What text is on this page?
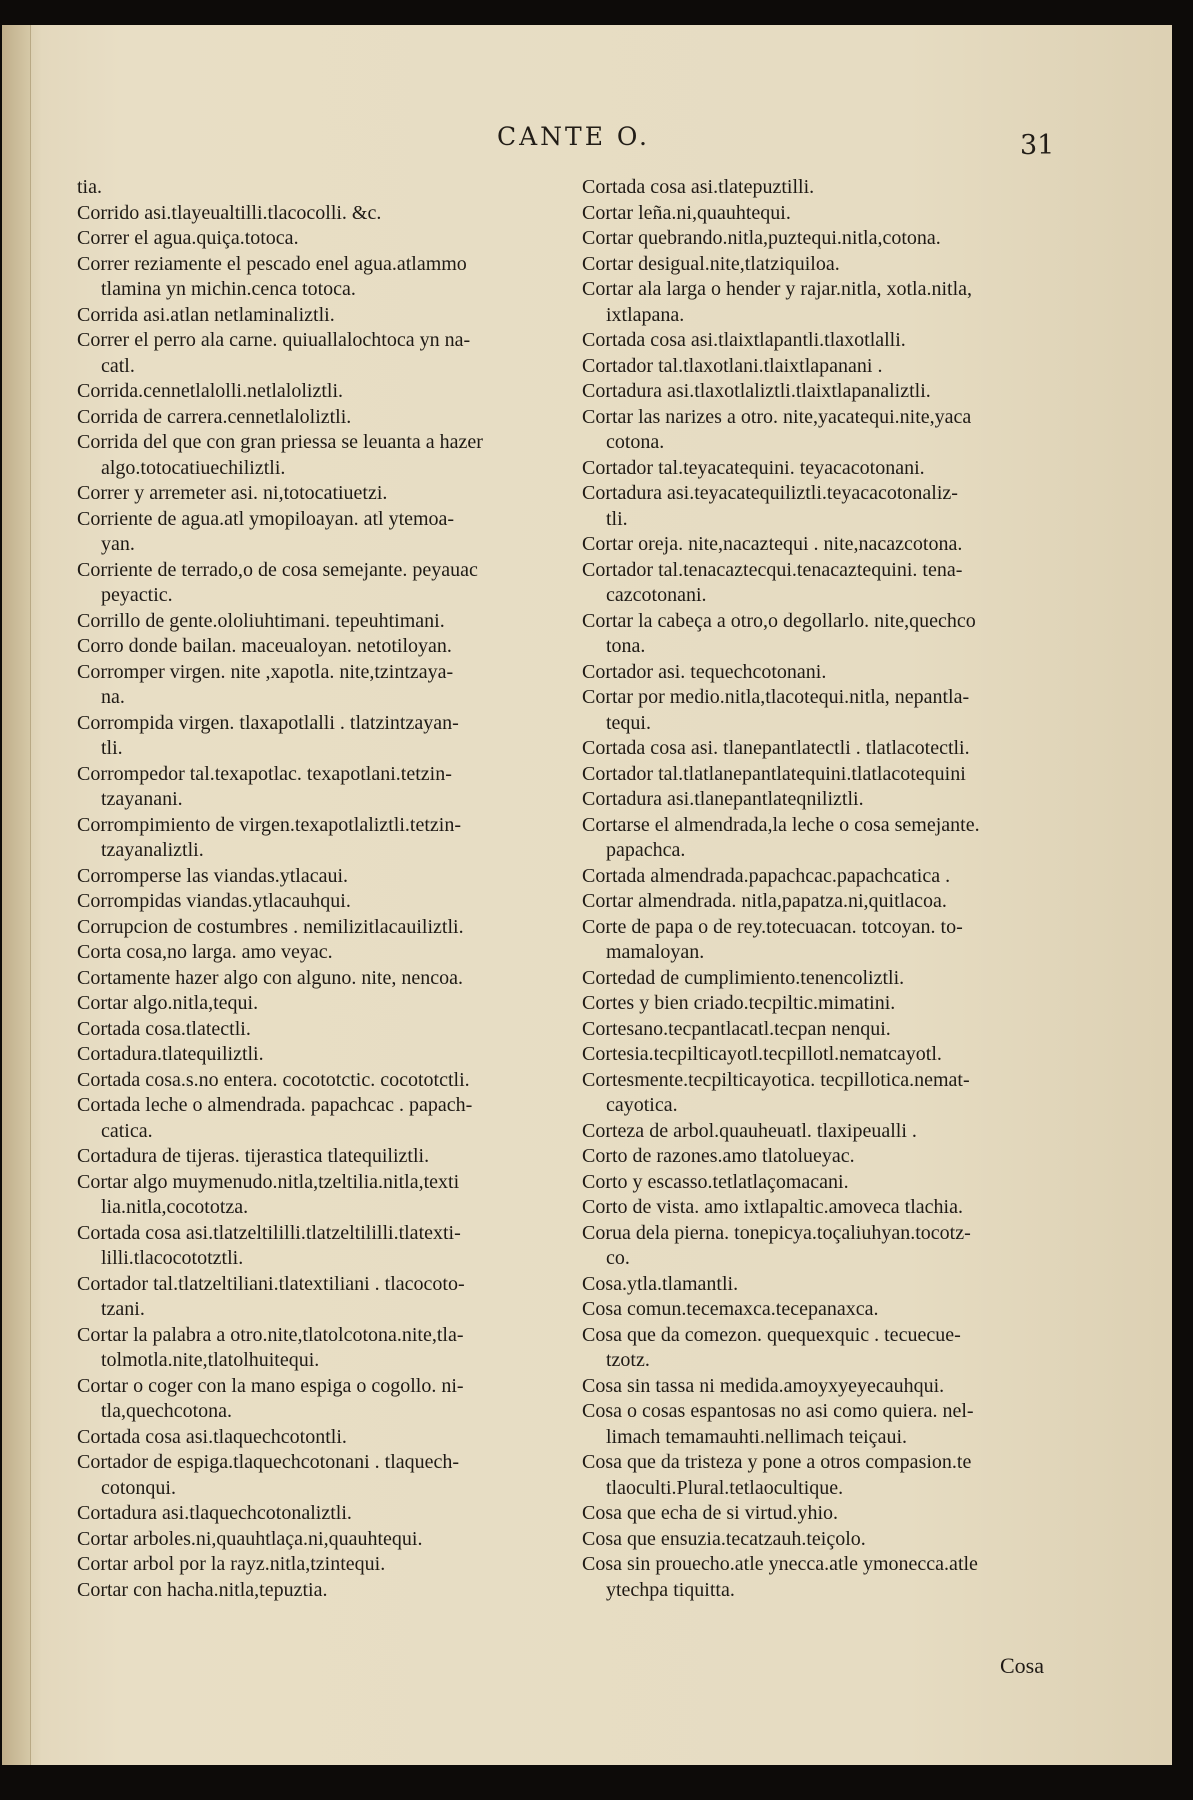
CANTE O.	31

tia.

Corrido asi.tlayeualtilli.tlacocolli. &c.

Correr el agua.quiça.totoca.

Correr reziamente el pescado enel agua.atlammo
tlamina yn michin.cenca totoca.

Corrida asi.atlan netlaminaliztli.

Correr el perro ala carne. quiuallalochtoca yn na-
catl.

Corrida.cennetlalolli.netlaloliztli.

Corrida de carrera.cennetlaloliztli.

Corrida del que con gran priessa se leuanta a hazer
algo.totocatiuechiliztli.

Correr y arremeter asi. ni,totocatiuetzi.

Corriente de agua.atl ymopiloayan. atl ytemoa-
yan.

Corriente de terrado,o de cosa semejante. peyauac
peyactic.

Corrillo de gente.ololiuhtimani. tepeuhtimani.

Corro donde bailan. maceualoyan. netotiloyan.

Corromper virgen. nite ,xapotla. nite,tzintzaya-
na.

Corrompida virgen. tlaxapotlalli . tlatzintzayan-
tli.

Corrompedor tal.texapotlac. texapotlani.tetzin-
tzayanani.

Corrompimiento de virgen.texapotlaliztli.tetzin-
tzayanaliztli.

Corromperse las viandas.ytlacaui.

Corrompidas viandas.ytlacauhqui.

Corrupcion de costumbres . nemilizitlacauiliztli.

Corta cosa,no larga. amo veyac.

Cortamente hazer algo con alguno. nite, nencoa.

Cortar algo.nitla,tequi.

Cortada cosa.tlatectli.

Cortadura.tlatequiliztli.

Cortada cosa.s.no entera. cocototctic. cocototctli.

Cortada leche o almendrada. papachcac . papach-
catica.

Cortadura de tijeras. tijerastica tlatequiliztli.

Cortar algo muymenudo.nitla,tzeltilia.nitla,texti
lia.nitla,cocototza.

Cortada cosa asi.tlatzeltililli.tlatzeltililli.tlatexti-
lilli.tlacocototztli.

Cortador tal.tlatzeltiliani.tlatextiliani . tlacocoto-
tzani.

Cortar la palabra a otro.nite,tlatolcotona.nite,tla-
tolmotla.nite,tlatolhuitequi.

Cortar o coger con la mano espiga o cogollo. ni-
tla,quechcotona.

Cortada cosa asi.tlaquechcotontli.

Cortador de espiga.tlaquechcotonani . tlaquech-
cotonqui.

Cortadura asi.tlaquechcotonaliztli.

Cortar arboles.ni,quauhtlaça.ni,quauhtequi.

Cortar arbol por la rayz.nitla,tzintequi.

Cortar con hacha.nitla,tepuztia.

Cortada cosa asi.tlatepuztilli.

Cortar leña.ni,quauhtequi.

Cortar quebrando.nitla,puztequi.nitla,cotona.

Cortar desigual.nite,tlatziquiloa.

Cortar ala larga o hender y rajar.nitla, xotla.nitla,
ixtlapana.

Cortada cosa asi.tlaixtlapantli.tlaxotlalli.

Cortador tal.tlaxotlani.tlaixtlapanani .

Cortadura asi.tlaxotlaliztli.tlaixtlapanaliztli.

Cortar las narizes a otro. nite,yacatequi.nite,yaca
cotona.

Cortador tal.teyacatequini. teyacacotonani.

Cortadura asi.teyacatequiliztli.teyacacotonaliz-
tli.

Cortar oreja. nite,nacaztequi . nite,nacazcotona.

Cortador tal.tenacaztecqui.tenacaztequini. tena-
cazcotonani.

Cortar la cabeça a otro,o degollarlo. nite,quechco
tona.

Cortador asi. tequechcotonani.

Cortar por medio.nitla,tlacotequi.nitla, nepantla-
tequi.

Cortada cosa asi. tlanepantlatectli . tlatlacotectli.

Cortador tal.tlatlanepantlatequini.tlatlacotequini

Cortadura asi.tlanepantlateqniliztli.

Cortarse el almendrada,la leche o cosa semejante.
papachca.

Cortada almendrada.papachcac.papachcatica .

Cortar almendrada. nitla,papatza.ni,quitlacoa.

Corte de papa o de rey.totecuacan. totcoyan. to-
mamaloyan.

Cortedad de cumplimiento.tenencoliztli.

Cortes y bien criado.tecpiltic.mimatini.

Cortesano.tecpantlacatl.tecpan nenqui.

Cortesia.tecpilticayotl.tecpillotl.nematcayotl.

Cortesmente.tecpilticayotica. tecpillotica.nemat-
cayotica.

Corteza de arbol.quauheuatl. tlaxipeualli .

Corto de razones.amo tlatolueyac.

Corto y escasso.tetlatlaçomacani.

Corto de vista. amo ixtlapaltic.amoveca tlachia.

Corua dela pierna. tonepicya.toçaliuhyan.tocotz-
co.

Cosa.ytla.tlamantli.

Cosa comun.tecemaxca.tecepanaxca.

Cosa que da comezon. quequexquic . tecuecue-
tzotz.

Cosa sin tassa ni medida.amoyxyeyecauhqui.

Cosa o cosas espantosas no asi como quiera. nel-
limach temamauhti.nellimach teiçaui.

Cosa que da tristeza y pone a otros compasion.te
tlaoculti.Plural.tetlaocultique.

Cosa que echa de si virtud.yhio.

Cosa que ensuzia.tecatzauh.teiçolo.

Cosa sin prouecho.atle ynecca.atle ymonecca.atle
ytechpa tiquitta.

Cosa
